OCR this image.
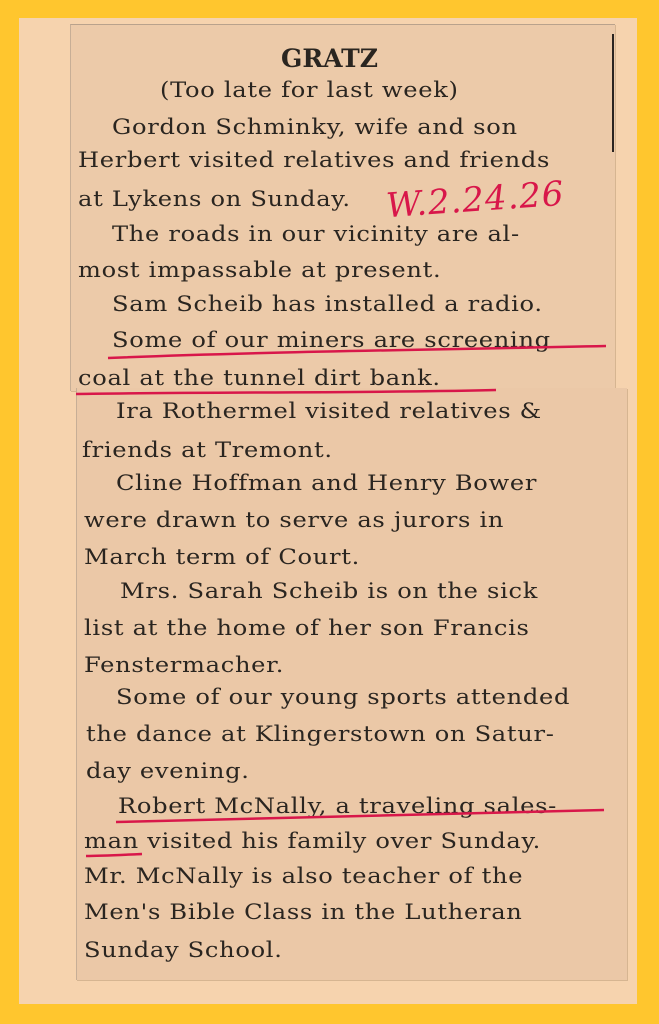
GRATZ
(Too late for last week)
Gordon Schminky, wife and son
Herbert visited relatives and friends
at Lykens on Sunday.
The roads in our vicinity are al-
most impassable at present.
Sam Scheib has installed a radio.
Some of our miners are screening
coal at the tunnel dirt bank.
Ira Rothermel visited relatives &
friends at Tremont.
Cline Hoffman and Henry Bower
were drawn to serve as jurors in
March term of Court.
Mrs. Sarah Scheib is on the sick
list at the home of her son Francis
Fenstermacher.
Some of our young sports attended
the dance at Klingerstown on Satur-
day evening.
Robert McNally, a traveling sales-
man visited his family over Sunday.
Mr. McNally is also teacher of the
Men's Bible Class in the Lutheran
Sunday School.
W.2.24.26
